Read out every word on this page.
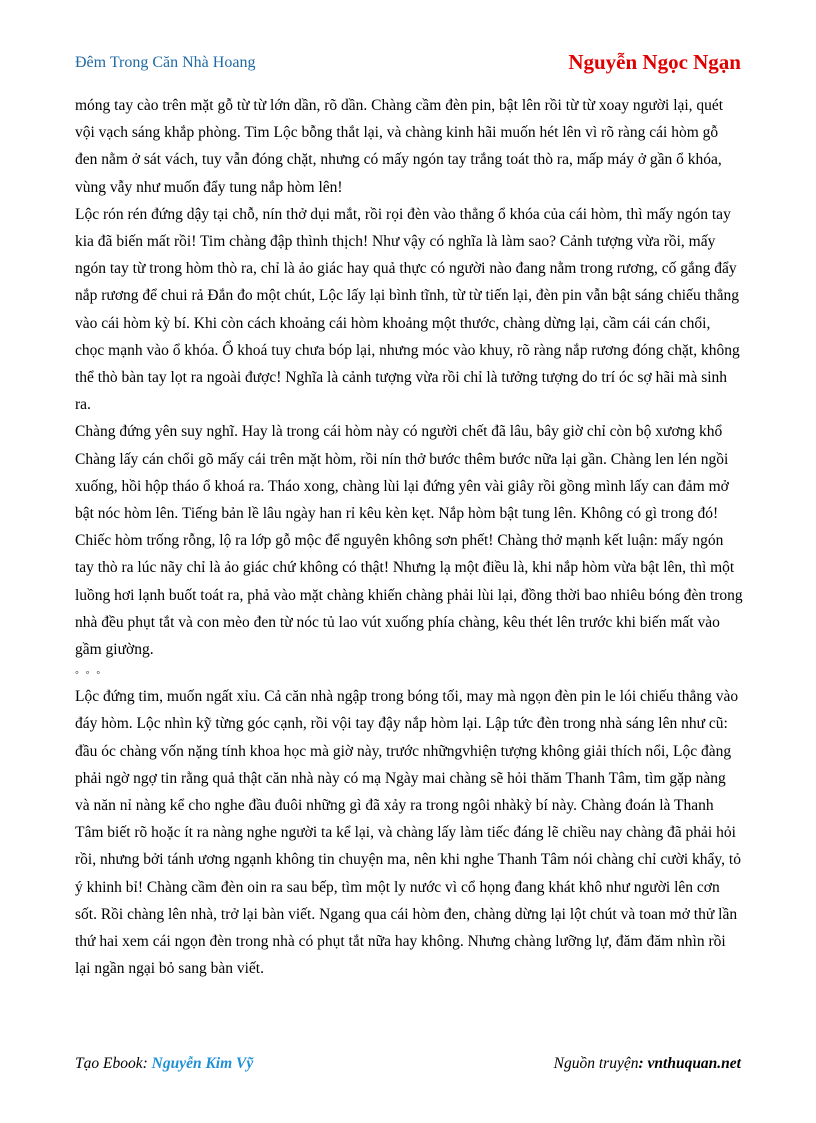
Đêm Trong Căn Nhà Hoang	Nguyễn Ngọc Ngạn

móng tay cào trên mặt gỗ từ từ lớn dần, rõ dần. Chàng cầm đèn pin, bật lên rồi từ từ xoay người lại, quét vội vạch sáng khắp phòng. Tim Lộc bỗng thắt lại, và chàng kinh hãi muốn hét lên vì rõ ràng cái hòm gỗ đen nằm ở sát vách, tuy vẫn đóng chặt, nhưng có mấy ngón tay trắng toát thò ra, mấp máy ở gần ổ khóa, vùng vẫy như muốn đẩy tung nắp hòm lên!

Lộc rón rén đứng dậy tại chỗ, nín thở dụi mắt, rồi rọi đèn vào thẳng ổ khóa của cái hòm, thì mấy ngón tay kia đã biến mất rồi! Tim chàng đập thình thịch! Như vậy có nghĩa là làm sao? Cảnh tượng vừa rồi, mấy ngón tay từ trong hòm thò ra, chỉ là ảo giác hay quả thực có người nào đang nằm trong rương, cố gắng đẩy nắp rương để chui rả Đắn đo một chút, Lộc lấy lại bình tĩnh, từ từ tiến lại, đèn pin vẫn bật sáng chiếu thẳng vào cái hòm kỳ bí. Khi còn cách khoảng cái hòm khoảng một thước, chàng dừng lại, cầm cái cán chổi, chọc mạnh vào ổ khóa. Ổ khoá tuy chưa bóp lại, nhưng móc vào khuy, rõ ràng nắp rương đóng chặt, không thể thò bàn tay lọt ra ngoài được! Nghĩa là cảnh tượng vừa rồi chỉ là tưởng tượng do trí óc sợ hãi mà sinh ra.

Chàng đứng yên suy nghĩ. Hay là trong cái hòm này có người chết đã lâu, bây giờ chỉ còn bộ xương khổ Chàng lấy cán chổi gõ mấy cái trên mặt hòm, rồi nín thở bước thêm bước nữa lại gần. Chàng len lén ngồi xuống, hồi hộp tháo ổ khoá ra. Tháo xong, chàng lùi lại đứng yên vài giây rồi gồng mình lấy can đảm mở bật nóc hòm lên. Tiếng bản lề lâu ngày han rỉ kêu kèn kẹt. Nắp hòm bật tung lên. Không có gì trong đó! Chiếc hòm trống rỗng, lộ ra lớp gỗ mộc để nguyên không sơn phết! Chàng thở mạnh kết luận: mấy ngón tay thò ra lúc nãy chỉ là ảo giác chứ không có thật! Nhưng lạ một điều là, khi nắp hòm vừa bật lên, thì một luồng hơi lạnh buốt toát ra, phả vào mặt chàng khiến chàng phải lùi lại, đồng thời bao nhiêu bóng đèn trong nhà đều phụt tắt và con mèo đen từ nóc tủ lao vút xuống phía chàng, kêu thét lên trước khi biến mất vào gầm giường.

◦ ◦ ◦

Lộc đứng tim, muốn ngất xỉu. Cả căn nhà ngập trong bóng tối, may mà ngọn đèn pin le lói chiếu thẳng vào đáy hòm. Lộc nhìn kỹ từng góc cạnh, rồi vội tay đậy nắp hòm lại. Lập tức đèn trong nhà sáng lên như cũ: đầu óc chàng vốn nặng tính khoa học mà giờ này, trước nhữngvhiện tượng không giải thích nổi, Lộc đàng phải ngờ ngợ tin rằng quả thật căn nhà này có mạ Ngày mai chàng sẽ hỏi thăm Thanh Tâm, tìm gặp nàng và năn nỉ nàng kể cho nghe đầu đuôi những gì đã xảy ra trong ngôi nhàkỳ bí này. Chàng đoán là Thanh Tâm biết rõ hoặc ít ra nàng nghe người ta kể lại, và chàng lấy làm tiếc đáng lẽ chiều nay chàng đã phải hỏi rồi, nhưng bởi tánh ương ngạnh không tin chuyện ma, nên khi nghe Thanh Tâm nói chàng chỉ cười khẩy, tỏ ý khinh bỉ! Chàng cầm đèn oin ra sau bếp, tìm một ly nước vì cổ họng đang khát khô như người lên cơn sốt. Rồi chàng lên nhà, trở lại bàn viết. Ngang qua cái hòm đen, chàng dừng lại lột chút và toan mở thử lần thứ hai xem cái ngọn đèn trong nhà có phụt tắt nữa hay không. Nhưng chàng lưỡng lự, đăm đăm nhìn rồi lại ngần ngại bỏ sang bàn viết.

Tạo Ebook: Nguyễn Kim Vỹ	Nguồn truyện: vnthuquan.net
